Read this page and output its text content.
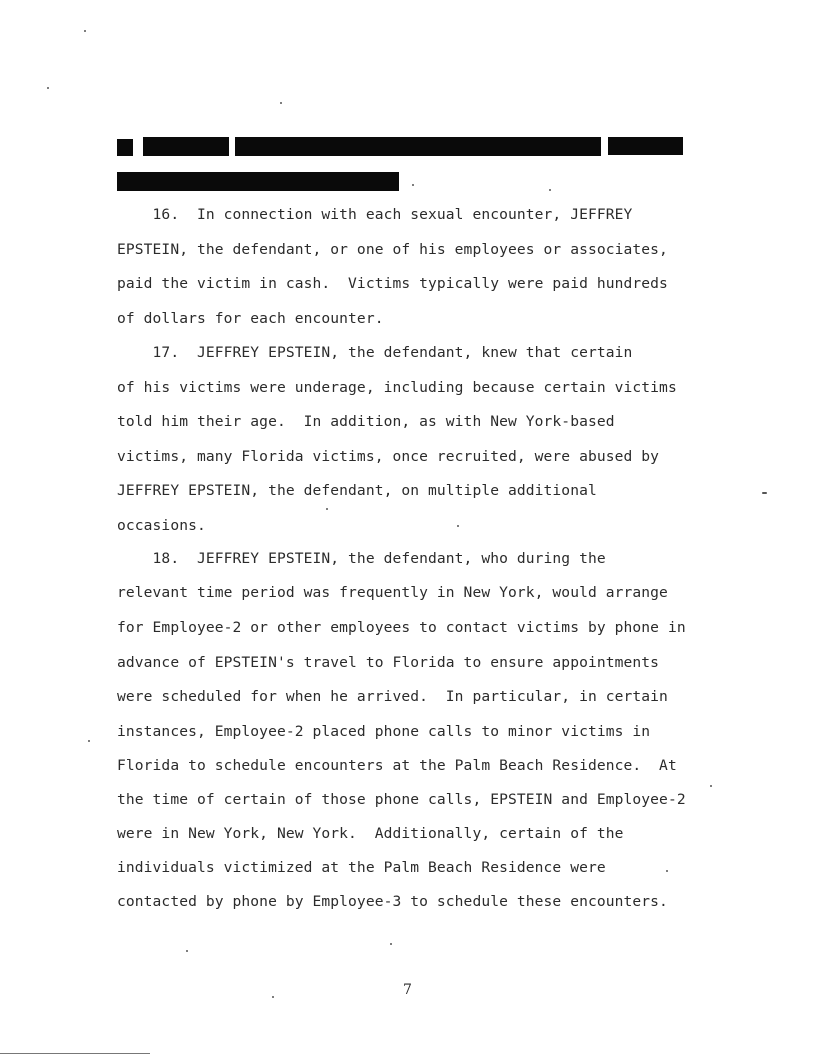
16.  In connection with each sexual encounter, JEFFREY
EPSTEIN, the defendant, or one of his employees or associates,
paid the victim in cash.  Victims typically were paid hundreds
of dollars for each encounter.
17.  JEFFREY EPSTEIN, the defendant, knew that certain
of his victims were underage, including because certain victims
told him their age.  In addition, as with New York-based
victims, many Florida victims, once recruited, were abused by
JEFFREY EPSTEIN, the defendant, on multiple additional
occasions.
18.  JEFFREY EPSTEIN, the defendant, who during the
relevant time period was frequently in New York, would arrange
for Employee-2 or other employees to contact victims by phone in
advance of EPSTEIN's travel to Florida to ensure appointments
were scheduled for when he arrived.  In particular, in certain
instances, Employee-2 placed phone calls to minor victims in
Florida to schedule encounters at the Palm Beach Residence.  At
the time of certain of those phone calls, EPSTEIN and Employee-2
were in New York, New York.  Additionally, certain of the
individuals victimized at the Palm Beach Residence were
contacted by phone by Employee-3 to schedule these encounters.
7
